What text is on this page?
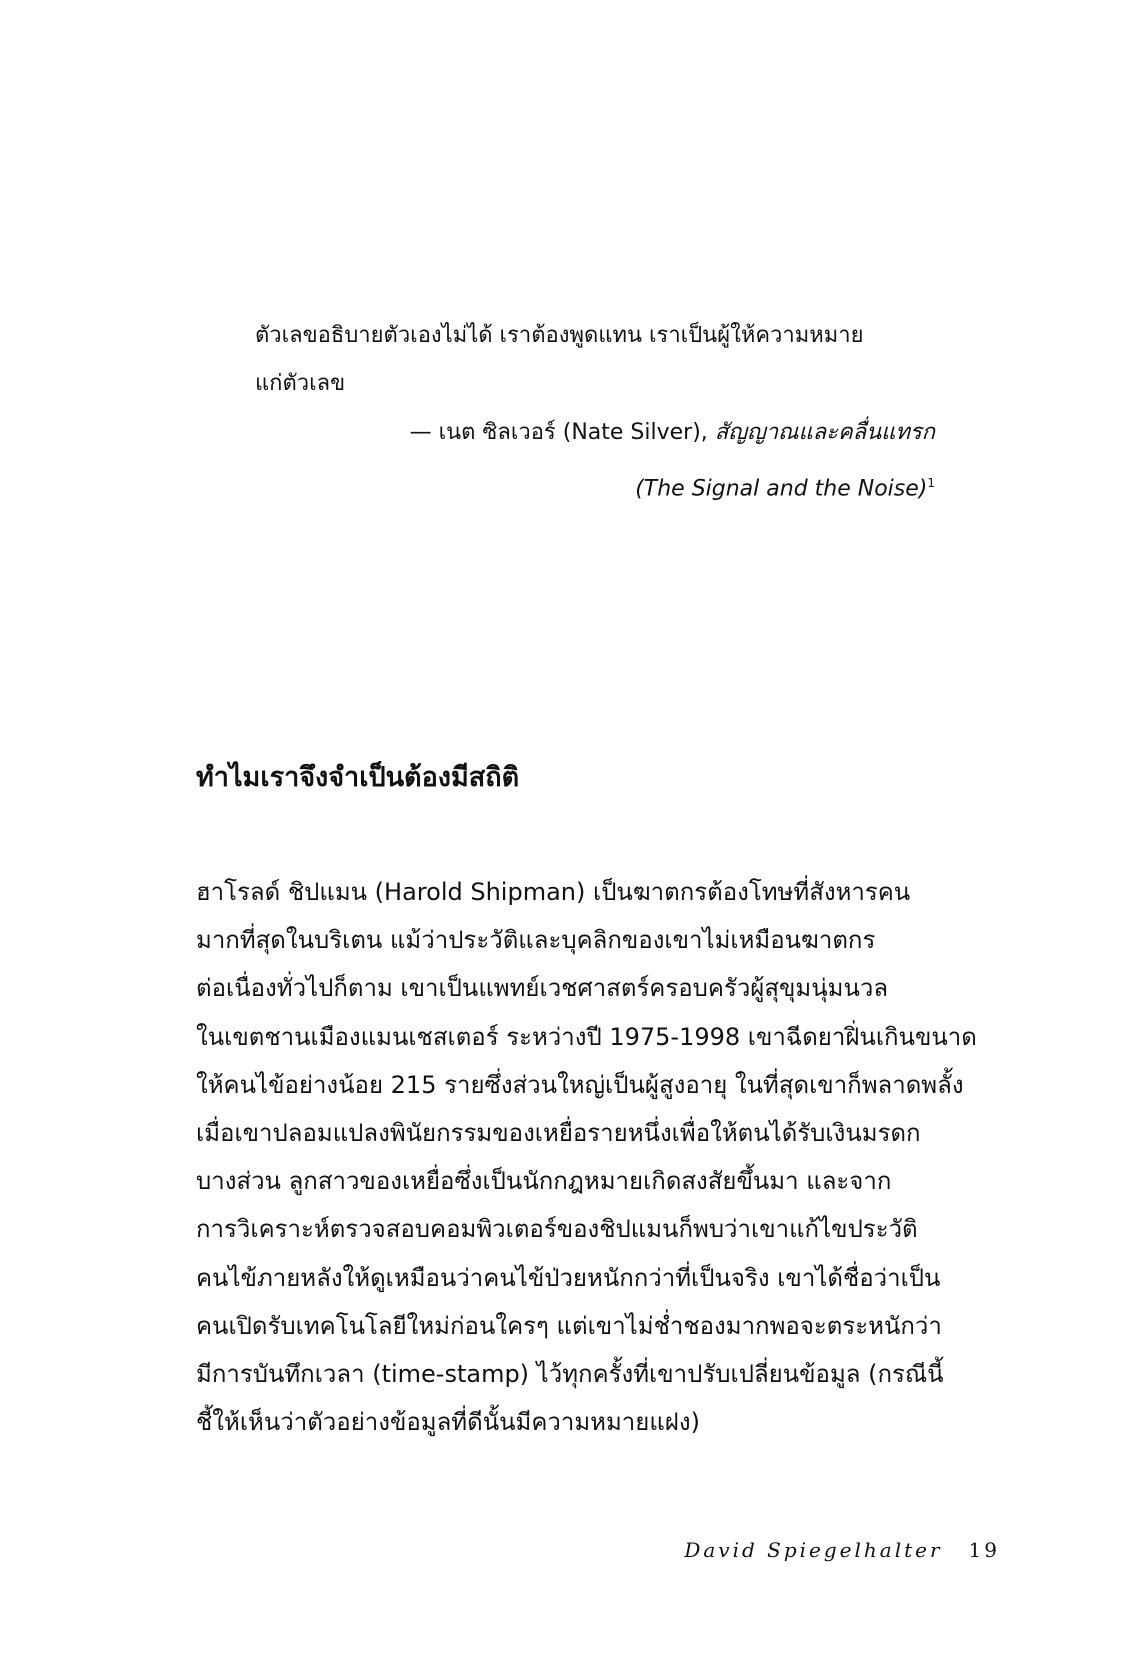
ตัวเลขอธิบายตัวเองไม่ได้ เราต้องพูดแทน เราเป็นผู้ให้ความหมาย

แก่ตัวเลข

— เนต ซิลเวอร์ (Nate Silver), สัญญาณและคลื่นแทรก

(The Signal and the Noise)$^1$

ทำไมเราจึงจำเป็นต้องมีสถิติ

ฮาโรลด์ ชิปแมน (Harold Shipman) เป็นฆาตกรต้องโทษที่สังหารคน

มากที่สุดในบริเตน แม้ว่าประวัติและบุคลิกของเขาไม่เหมือนฆาตกร

ต่อเนื่องทั่วไปก็ตาม เขาเป็นแพทย์เวชศาสตร์ครอบครัวผู้สุขุมนุ่มนวล

ในเขตชานเมืองแมนเชสเตอร์ ระหว่างปี 1975-1998 เขาฉีดยาฝิ่นเกินขนาด

ให้คนไข้อย่างน้อย 215 รายซึ่งส่วนใหญ่เป็นผู้สูงอายุ ในที่สุดเขาก็พลาดพลั้ง

เมื่อเขาปลอมแปลงพินัยกรรมของเหยื่อรายหนึ่งเพื่อให้ตนได้รับเงินมรดก

บางส่วน ลูกสาวของเหยื่อซึ่งเป็นนักกฎหมายเกิดสงสัยขึ้นมา และจาก

การวิเคราะห์ตรวจสอบคอมพิวเตอร์ของชิปแมนก็พบว่าเขาแก้ไขประวัติ

คนไข้ภายหลังให้ดูเหมือนว่าคนไข้ป่วยหนักกว่าที่เป็นจริง เขาได้ชื่อว่าเป็น

คนเปิดรับเทคโนโลยีใหม่ก่อนใครๆ แต่เขาไม่ช่ำชองมากพอจะตระหนักว่า

มีการบันทึกเวลา (time-stamp) ไว้ทุกครั้งที่เขาปรับเปลี่ยนข้อมูล (กรณีนี้

ชี้ให้เห็นว่าตัวอย่างข้อมูลที่ดีนั้นมีความหมายแฝง)

David Spiegelhalter 19
